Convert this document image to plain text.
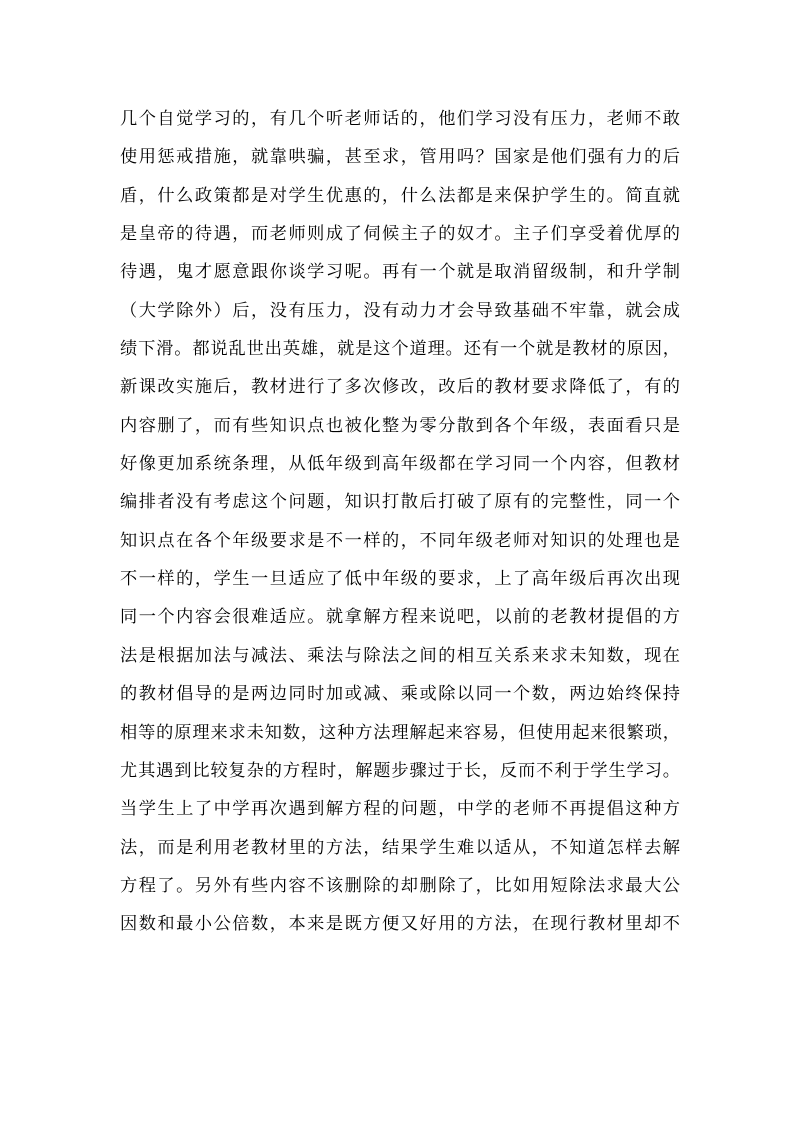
几个自觉学习的，有几个听老师话的，他们学习没有压力，老师不敢
使用惩戒措施，就靠哄骗，甚至求，管用吗？国家是他们强有力的后
盾，什么政策都是对学生优惠的，什么法都是来保护学生的。简直就
是皇帝的待遇，而老师则成了伺候主子的奴才。主子们享受着优厚的
待遇，鬼才愿意跟你谈学习呢。再有一个就是取消留级制，和升学制
（大学除外）后，没有压力，没有动力才会导致基础不牢靠，就会成
绩下滑。都说乱世出英雄，就是这个道理。还有一个就是教材的原因，
新课改实施后，教材进行了多次修改，改后的教材要求降低了，有的
内容删了，而有些知识点也被化整为零分散到各个年级，表面看只是
好像更加系统条理，从低年级到高年级都在学习同一个内容，但教材
编排者没有考虑这个问题，知识打散后打破了原有的完整性，同一个
知识点在各个年级要求是不一样的，不同年级老师对知识的处理也是
不一样的，学生一旦适应了低中年级的要求，上了高年级后再次出现
同一个内容会很难适应。就拿解方程来说吧，以前的老教材提倡的方
法是根据加法与减法、乘法与除法之间的相互关系来求未知数，现在
的教材倡导的是两边同时加或减、乘或除以同一个数，两边始终保持
相等的原理来求未知数，这种方法理解起来容易，但使用起来很繁琐，
尤其遇到比较复杂的方程时，解题步骤过于长，反而不利于学生学习。
当学生上了中学再次遇到解方程的问题，中学的老师不再提倡这种方
法，而是利用老教材里的方法，结果学生难以适从，不知道怎样去解
方程了。另外有些内容不该删除的却删除了，比如用短除法求最大公
因数和最小公倍数，本来是既方便又好用的方法，在现行教材里却不
